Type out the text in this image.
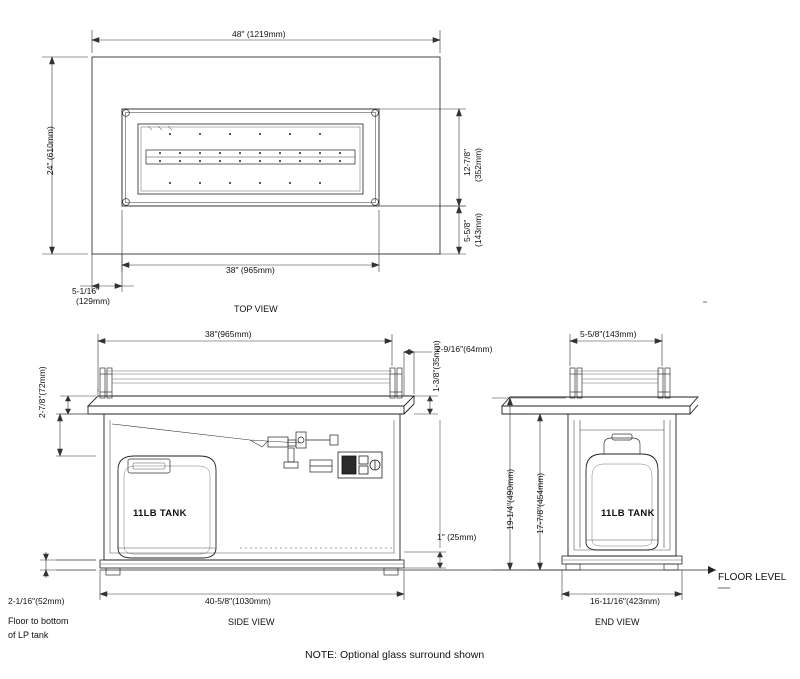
48" (1219mm)
24" (610mm)
38" (965mm)
12-7/8" (352mm)
5-5/8" (143mm)
5-1/16"
(129mm)
TOP VIEW
38"(965mm)
2-9/16"(64mm)
1-3/8"(35mm)
2-7/8"(72mm)
40-5/8"(1030mm)
1" (25mm)
2-1/16"(52mm)
11LB TANK
SIDE VIEW
5-5/8"(143mm)
19-1/4"(490mm) 17-7/8"(454mm)
16-11/16"(423mm)
11LB TANK
END VIEW
FLOOR LEVEL
Floor to bottom
of LP tank
NOTE: Optional glass surround shown
